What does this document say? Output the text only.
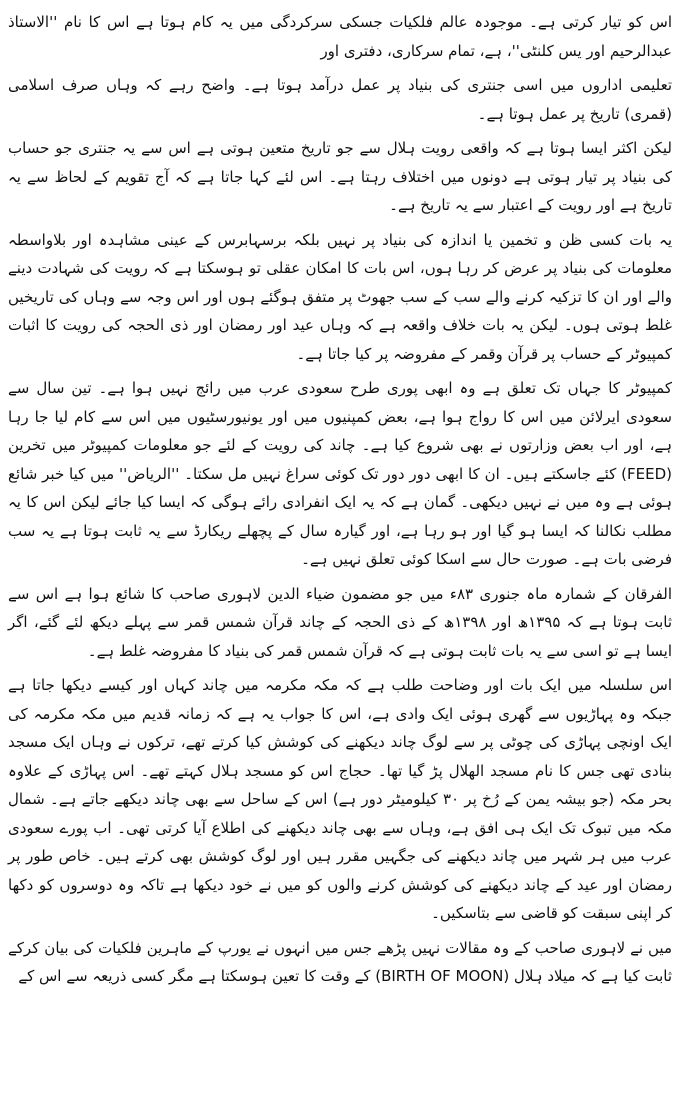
اس کو تیار کرتی ہے۔ موجودہ عالم فلکیات جسکی سرکردگی میں یہ کام ہوتا ہے اس کا نام ''الاستاذ عبدالرحیم اور یس کلنٹی''، ہے، تمام سرکاری، دفتری اور

تعلیمی اداروں میں اسی جنتری کی بنیاد پر عمل درآمد ہوتا ہے۔ واضح رہے کہ وہاں صرف اسلامی (قمری) تاریخ پر عمل ہوتا ہے۔

لیکن اکثر ایسا ہوتا ہے کہ واقعی رویت ہلال سے جو تاریخ متعین ہوتی ہے اس سے یہ جنتری جو حساب کی بنیاد پر تیار ہوتی ہے دونوں میں اختلاف رہتا ہے۔ اس لئے کہا جاتا ہے کہ آج تقویم کے لحاظ سے یہ تاریخ ہے اور رویت کے اعتبار سے یہ تاریخ ہے۔

یہ بات کسی ظن و تخمین یا اندازہ کی بنیاد پر نہیں بلکہ برسہابرس کے عینی مشاہدہ اور بلاواسطہ معلومات کی بنیاد پر عرض کر رہا ہوں، اس بات کا امکان عقلی تو ہوسکتا ہے کہ رویت کی شہادت دینے والے اور ان کا تزکیہ کرنے والے سب کے سب جھوٹ پر متفق ہوگئے ہوں اور اس وجہ سے وہاں کی تاریخیں غلط ہوتی ہوں۔ لیکن یہ بات خلاف واقعہ ہے کہ وہاں عید اور رمضان اور ذی الحجہ کی رویت کا اثبات کمپیوٹر کے حساب پر قرآن وقمر کے مفروضہ پر کیا جاتا ہے۔

کمپیوٹر کا جہاں تک تعلق ہے وہ ابھی پوری طرح سعودی عرب میں رائج نہیں ہوا ہے۔ تین سال سے سعودی ایرلائن میں اس کا رواج ہوا ہے، بعض کمپنیوں میں اور یونیورسٹیوں میں اس سے کام لیا جا رہا ہے، اور اب بعض وزارتوں نے بھی شروع کیا ہے۔ چاند کی رویت کے لئے جو معلومات کمپیوٹر میں تخرین (FEED) کئے جاسکتے ہیں۔ ان کا ابھی دور دور تک کوئی سراغ نہیں مل سکتا۔ ''الریاض'' میں کیا خبر شائع ہوئی ہے وہ میں نے نہیں دیکھی۔ گمان ہے کہ یہ ایک انفرادی رائے ہوگی کہ ایسا کیا جائے لیکن اس کا یہ مطلب نکالنا کہ ایسا ہو گیا اور ہو رہا ہے، اور گیارہ سال کے پچھلے ریکارڈ سے یہ ثابت ہوتا ہے یہ سب فرضی بات ہے۔ صورت حال سے اسکا کوئی تعلق نہیں ہے۔

الفرقان کے شمارہ ماہ جنوری ۸۳ء میں جو مضمون ضیاء الدین لاہوری صاحب کا شائع ہوا ہے اس سے ثابت ہوتا ہے کہ ۱۳۹۵ھ اور ۱۳۹۸ھ کے ذی الحجہ کے چاند قرآن شمس قمر سے پہلے دیکھ لئے گئے، اگر ایسا ہے تو اسی سے یہ بات ثابت ہوتی ہے کہ قرآن شمس قمر کی بنیاد کا مفروضہ غلط ہے۔

اس سلسلہ میں ایک بات اور وضاحت طلب ہے کہ مکہ مکرمہ میں چاند کہاں اور کیسے دیکھا جاتا ہے جبکہ وہ پہاڑیوں سے گھری ہوئی ایک وادی ہے، اس کا جواب یہ ہے کہ زمانہ قدیم میں مکہ مکرمہ کی ایک اونچی پہاڑی کی چوٹی پر سے لوگ چاند دیکھنے کی کوشش کیا کرتے تھے، ترکوں نے وہاں ایک مسجد بنادی تھی جس کا نام مسجد الھلال پڑ گیا تھا۔ حجاج اس کو مسجد ہلال کہتے تھے۔ اس پہاڑی کے علاوہ بحر مکہ (جو بیشہ یمن کے رُخ پر ۳۰ کیلومیٹر دور ہے) اس کے ساحل سے بھی چاند دیکھے جاتے ہے۔ شمال مکہ میں تبوک تک ایک ہی افق ہے، وہاں سے بھی چاند دیکھنے کی اطلاع آیا کرتی تھی۔ اب پورے سعودی عرب میں ہر شہر میں چاند دیکھنے کی جگہیں مقرر ہیں اور لوگ کوشش بھی کرتے ہیں۔ خاص طور پر رمضان اور عید کے چاند دیکھنے کی کوشش کرنے والوں کو میں نے خود دیکھا ہے تاکہ وہ دوسروں کو دکھا کر اپنی سبقت کو قاضی سے بتاسکیں۔

میں نے لاہوری صاحب کے وہ مقالات نہیں پڑھے جس میں انہوں نے یورپ کے ماہرین فلکیات کی بیان کرکے ثابت کیا ہے کہ میلاد ہلال (BIRTH OF MOON) کے وقت کا تعین ہوسکتا ہے مگر کسی ذریعہ سے اس کے
